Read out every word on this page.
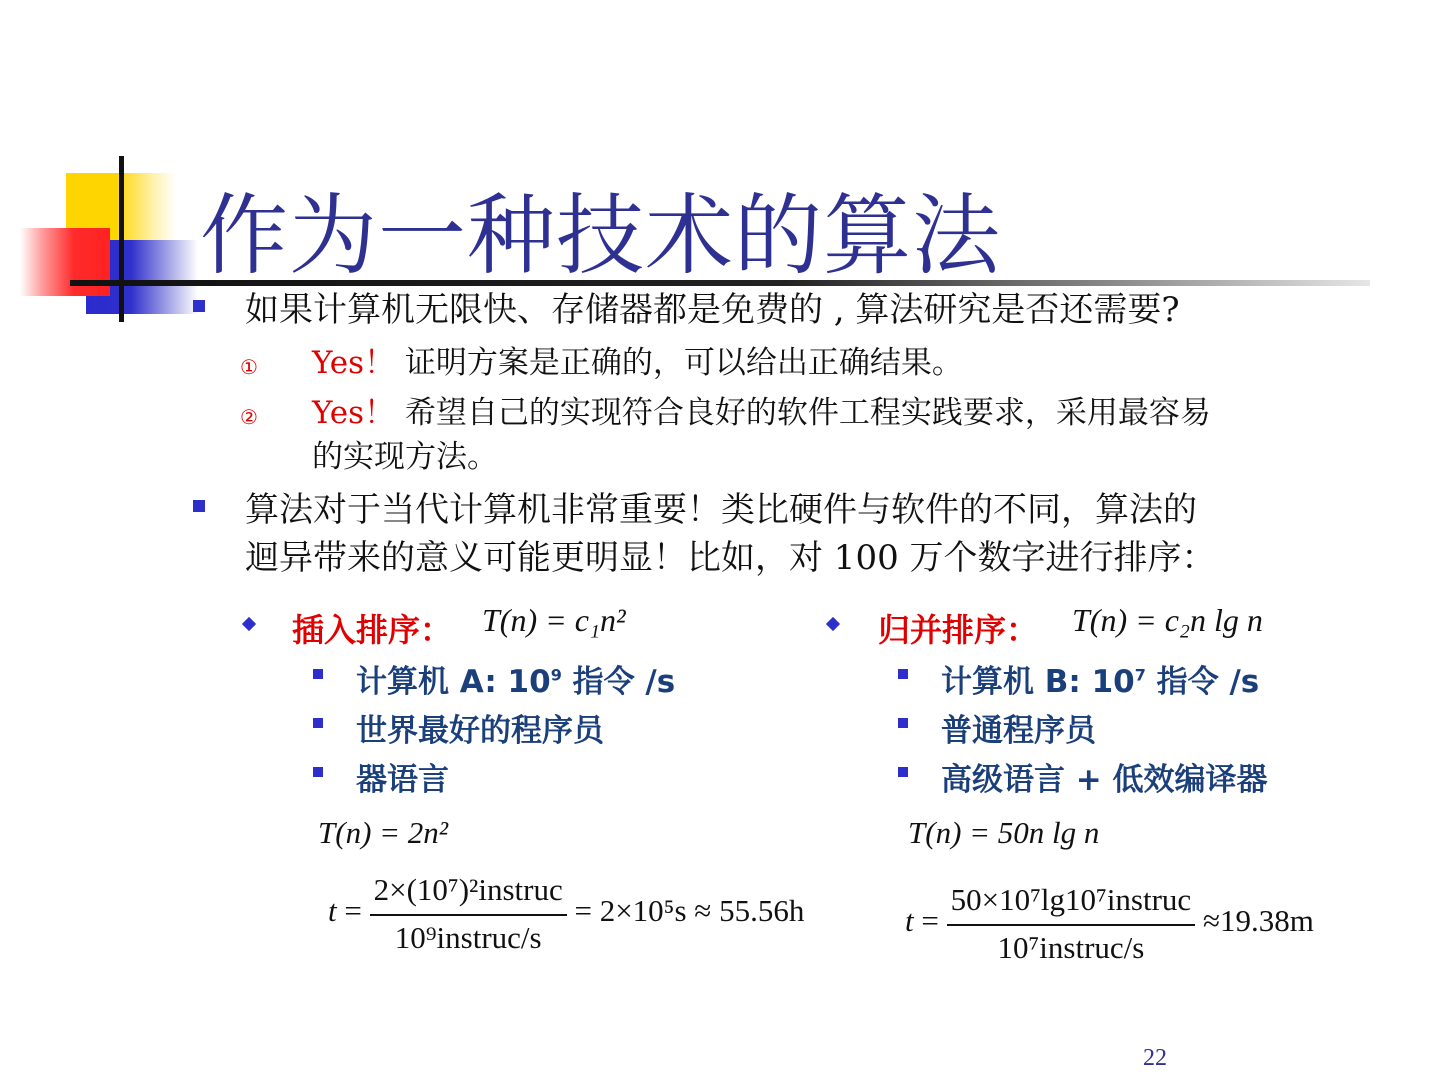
作为一种技术的算法
如果计算机无限快、存储器都是免费的 , 算法研究是否还需要?
① Yes！ 证明方案是正确的，可以给出正确结果。
② Yes！ 希望自己的实现符合良好的软件工程实践要求，采用最容易
的实现方法。
算法对于当代计算机非常重要！类比硬件与软件的不同，算法的
迴异带来的意义可能更明显！比如，对 100 万个数字进行排序：
插入排序： T(n) = c₁n²
计算机 A: $10^9$ 指令 /s
世界最好的程序员
器语言
T(n) = 2n²
$t = \frac{\text{2×(10⁷)²instruc}}{\text{10⁹instruc/s}} = 2\times 10^5s \approx 55.56h$
归并排序： T(n) = c₂n lg n
计算机 B: $10^7$ 指令 /s
普通程序员
高级语言 + 低效编译器
T(n) = 50n lg n
$t = \frac{\text{50×10⁷lg10⁷instruc}}{\text{10⁷instruc/s}} \approx 19.38m$
22
